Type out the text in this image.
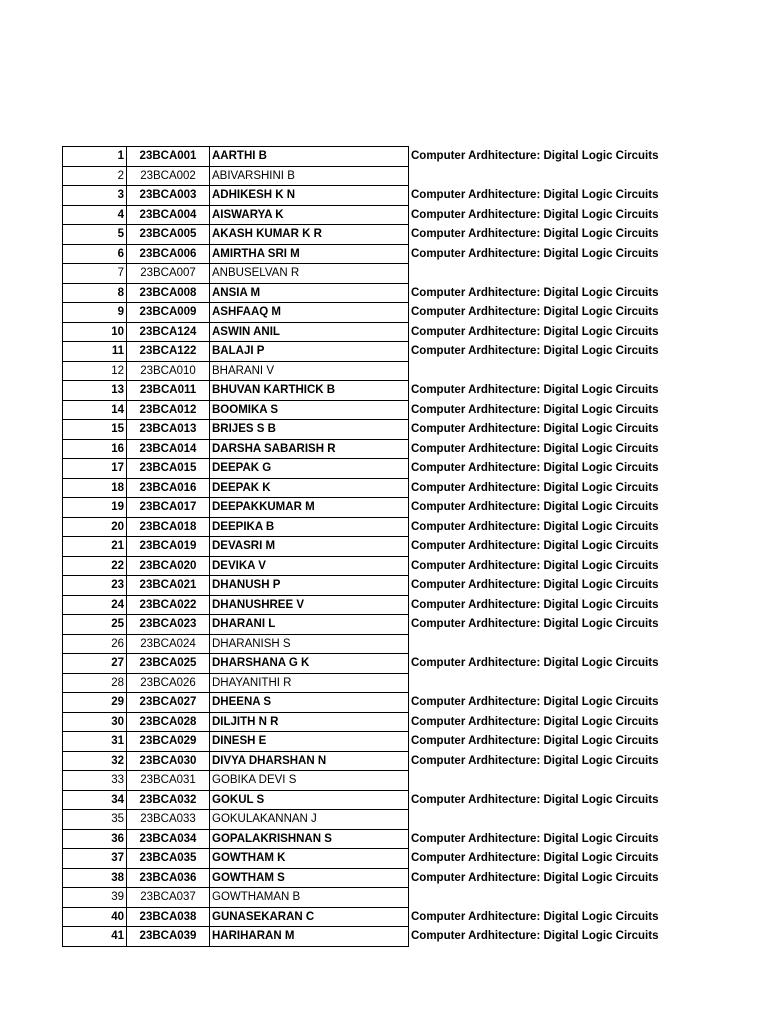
1	23BCA001	AARTHI B	Computer Ardhitecture: Digital Logic Circuits
2	23BCA002	ABIVARSHINI B	
3	23BCA003	ADHIKESH K N	Computer Ardhitecture: Digital Logic Circuits
4	23BCA004	AISWARYA K	Computer Ardhitecture: Digital Logic Circuits
5	23BCA005	AKASH KUMAR K R	Computer Ardhitecture: Digital Logic Circuits
6	23BCA006	AMIRTHA SRI M	Computer Ardhitecture: Digital Logic Circuits
7	23BCA007	ANBUSELVAN R	
8	23BCA008	ANSIA M	Computer Ardhitecture: Digital Logic Circuits
9	23BCA009	ASHFAAQ M	Computer Ardhitecture: Digital Logic Circuits
10	23BCA124	ASWIN ANIL	Computer Ardhitecture: Digital Logic Circuits
11	23BCA122	BALAJI P	Computer Ardhitecture: Digital Logic Circuits
12	23BCA010	BHARANI V	
13	23BCA011	BHUVAN KARTHICK B	Computer Ardhitecture: Digital Logic Circuits
14	23BCA012	BOOMIKA S	Computer Ardhitecture: Digital Logic Circuits
15	23BCA013	BRIJES S B	Computer Ardhitecture: Digital Logic Circuits
16	23BCA014	DARSHA SABARISH R	Computer Ardhitecture: Digital Logic Circuits
17	23BCA015	DEEPAK G	Computer Ardhitecture: Digital Logic Circuits
18	23BCA016	DEEPAK K	Computer Ardhitecture: Digital Logic Circuits
19	23BCA017	DEEPAKKUMAR M	Computer Ardhitecture: Digital Logic Circuits
20	23BCA018	DEEPIKA B	Computer Ardhitecture: Digital Logic Circuits
21	23BCA019	DEVASRI M	Computer Ardhitecture: Digital Logic Circuits
22	23BCA020	DEVIKA V	Computer Ardhitecture: Digital Logic Circuits
23	23BCA021	DHANUSH P	Computer Ardhitecture: Digital Logic Circuits
24	23BCA022	DHANUSHREE V	Computer Ardhitecture: Digital Logic Circuits
25	23BCA023	DHARANI L	Computer Ardhitecture: Digital Logic Circuits
26	23BCA024	DHARANISH S	
27	23BCA025	DHARSHANA G K	Computer Ardhitecture: Digital Logic Circuits
28	23BCA026	DHAYANITHI R	
29	23BCA027	DHEENA S	Computer Ardhitecture: Digital Logic Circuits
30	23BCA028	DILJITH N R	Computer Ardhitecture: Digital Logic Circuits
31	23BCA029	DINESH E	Computer Ardhitecture: Digital Logic Circuits
32	23BCA030	DIVYA DHARSHAN N	Computer Ardhitecture: Digital Logic Circuits
33	23BCA031	GOBIKA DEVI S	
34	23BCA032	GOKUL S	Computer Ardhitecture: Digital Logic Circuits
35	23BCA033	GOKULAKANNAN J	
36	23BCA034	GOPALAKRISHNAN S	Computer Ardhitecture: Digital Logic Circuits
37	23BCA035	GOWTHAM K	Computer Ardhitecture: Digital Logic Circuits
38	23BCA036	GOWTHAM S	Computer Ardhitecture: Digital Logic Circuits
39	23BCA037	GOWTHAMAN B	
40	23BCA038	GUNASEKARAN C	Computer Ardhitecture: Digital Logic Circuits
41	23BCA039	HARIHARAN M	Computer Ardhitecture: Digital Logic Circuits
